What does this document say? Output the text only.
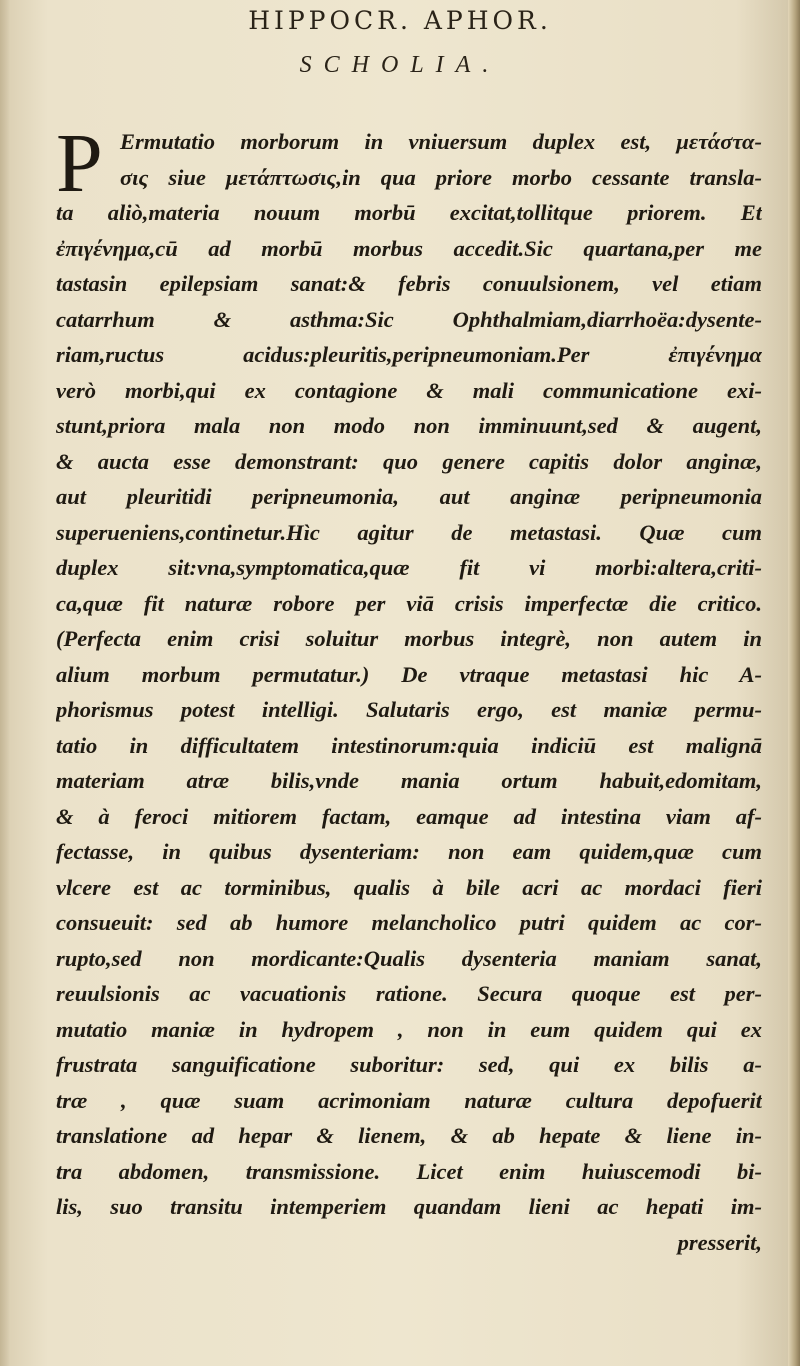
HIPPOCR. APHOR.
SCHOLIA.
P Ermutatio morborum in vniuersum duplex est, μετάστα-
σις siue μετάπτωσις,in qua priore morbo cessante transla-
ta aliò,materia nouum morbū excitat,tollitque priorem. Et
ἐπιγένημα,cū ad morbū morbus accedit.Sic quartana,per me
tastasin epilepsiam sanat:& febris conuulsionem, vel etiam
catarrhum & asthma:Sic Ophthalmiam,diarrhoëa:dysente-
riam,ructus acidus:pleuritis,peripneumoniam.Per ἐπιγένημα
verò morbi,qui ex contagione & mali communicatione exi-
stunt,priora mala non modo non imminuunt,sed & augent,
& aucta esse demonstrant: quo genere capitis dolor anginæ,
aut pleuritidi peripneumonia, aut anginæ peripneumonia
superueniens,continetur.Hìc agitur de metastasi. Quæ cum
duplex sit:vna,symptomatica,quæ fit vi morbi:altera,criti-
ca,quæ fit naturæ robore per viā crisis imperfectæ die critico.
(Perfecta enim crisi soluitur morbus integrè, non autem in
alium morbum permutatur.) De vtraque metastasi hic A-
phorismus potest intelligi. Salutaris ergo, est maniæ permu-
tatio in difficultatem intestinorum:quia indiciū est malignā
materiam atræ bilis,vnde mania ortum habuit,edomitam,
& à feroci mitiorem factam, eamque ad intestina viam af-
fectasse, in quibus dysenteriam: non eam quidem,quæ cum
vlcere est ac torminibus, qualis à bile acri ac mordaci fieri
consueuit: sed ab humore melancholico putri quidem ac cor-
rupto,sed non mordicante:Qualis dysenteria maniam sanat,
reuulsionis ac vacuationis ratione. Secura quoque est per-
mutatio maniæ in hydropem , non in eum quidem qui ex
frustrata sanguificatione suboritur: sed, qui ex bilis a-
træ , quæ suam acrimoniam naturæ cultura depofuerit
translatione ad hepar & lienem, & ab hepate & liene in-
tra abdomen, transmissione. Licet enim huiuscemodi bi-
lis, suo transitu intemperiem quandam lieni ac hepati im-
presserit,
